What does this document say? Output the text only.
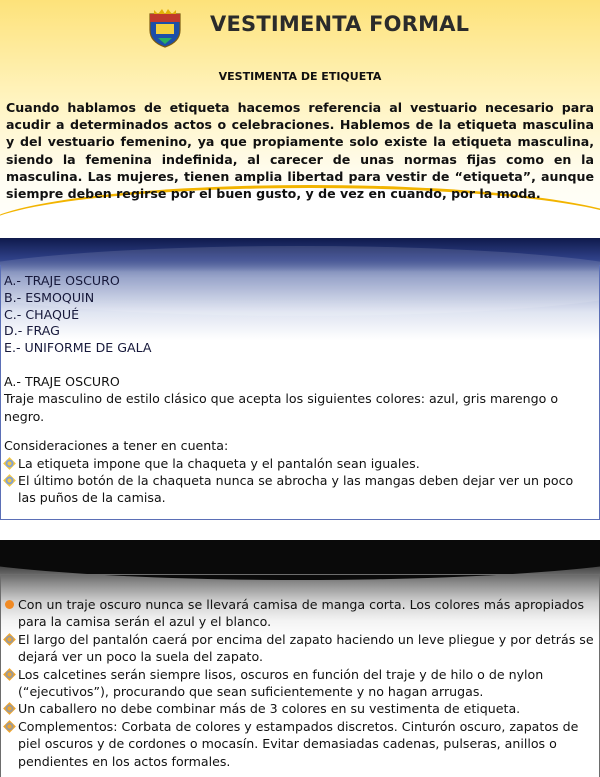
VESTIMENTA FORMAL
VESTIMENTA DE ETIQUETA

Cuando hablamos de etiqueta hacemos referencia al vestuario necesario para acudir a determinados actos o celebraciones. Hablemos de la etiqueta masculina y del vestuario femenino, ya que propiamente solo existe la etiqueta masculina, siendo la femenina indefinida, al carecer de unas normas fijas como en la masculina. Las mujeres, tienen amplia libertad para vestir de “etiqueta”, aunque siempre deben regirse por el buen gusto, y de vez en cuando, por la moda.

A.- TRAJE OSCURO
B.- ESMOQUIN
C.- CHAQUÉ
D.- FRAG
E.- UNIFORME DE GALA
A.- TRAJE OSCURO

Traje masculino de estilo clásico que acepta los siguientes colores: azul, gris marengo o negro.

Consideraciones a tener en cuenta:
La etiqueta impone que la chaqueta y el pantalón sean iguales.
El último botón de la chaqueta nunca se abrocha y las mangas deben dejar ver un poco las puños de la camisa.
Con un traje oscuro nunca se llevará camisa de manga corta. Los colores más apropiados para la camisa serán el azul y el blanco.
El largo del pantalón caerá por encima del zapato haciendo un leve pliegue y por detrás se dejará ver un poco la suela del zapato.
Los calcetines serán siempre lisos, oscuros en función del traje y de hilo o de nylon (“ejecutivos”), procurando que sean suficientemente y no hagan arrugas.
Un caballero no debe combinar más de 3 colores en su vestimenta de etiqueta.
Complementos: Corbata de colores y estampados discretos. Cinturón oscuro, zapatos de piel oscuros y de cordones o mocasín. Evitar demasiadas cadenas, pulseras, anillos o pendientes en los actos formales.
